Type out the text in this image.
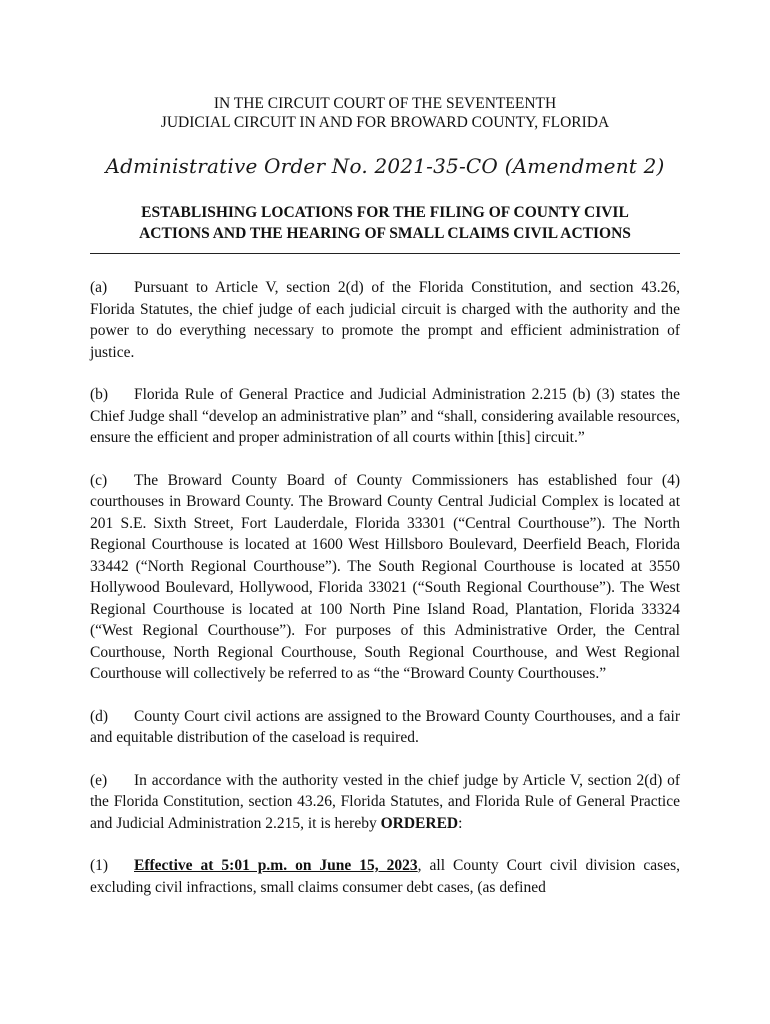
IN THE CIRCUIT COURT OF THE SEVENTEENTH
JUDICIAL CIRCUIT IN AND FOR BROWARD COUNTY, FLORIDA

Administrative Order No. 2021-35-CO (Amendment 2)

ESTABLISHING LOCATIONS FOR THE FILING OF COUNTY CIVIL
ACTIONS AND THE HEARING OF SMALL CLAIMS CIVIL ACTIONS

(a) Pursuant to Article V, section 2(d) of the Florida Constitution, and section 43.26, Florida Statutes, the chief judge of each judicial circuit is charged with the authority and the power to do everything necessary to promote the prompt and efficient administration of justice.

(b) Florida Rule of General Practice and Judicial Administration 2.215 (b) (3) states the Chief Judge shall “develop an administrative plan” and “shall, considering available resources, ensure the efficient and proper administration of all courts within [this] circuit.”

(c) The Broward County Board of County Commissioners has established four (4) courthouses in Broward County. The Broward County Central Judicial Complex is located at 201 S.E. Sixth Street, Fort Lauderdale, Florida 33301 (“Central Courthouse”). The North Regional Courthouse is located at 1600 West Hillsboro Boulevard, Deerfield Beach, Florida 33442 (“North Regional Courthouse”). The South Regional Courthouse is located at 3550 Hollywood Boulevard, Hollywood, Florida 33021 (“South Regional Courthouse”). The West Regional Courthouse is located at 100 North Pine Island Road, Plantation, Florida 33324 (“West Regional Courthouse”). For purposes of this Administrative Order, the Central Courthouse, North Regional Courthouse, South Regional Courthouse, and West Regional Courthouse will collectively be referred to as “the “Broward County Courthouses.”

(d) County Court civil actions are assigned to the Broward County Courthouses, and a fair and equitable distribution of the caseload is required.

(e) In accordance with the authority vested in the chief judge by Article V, section 2(d) of the Florida Constitution, section 43.26, Florida Statutes, and Florida Rule of General Practice and Judicial Administration 2.215, it is hereby ORDERED:

(1) Effective at 5:01 p.m. on June 15, 2023, all County Court civil division cases, excluding civil infractions, small claims consumer debt cases, (as defined
